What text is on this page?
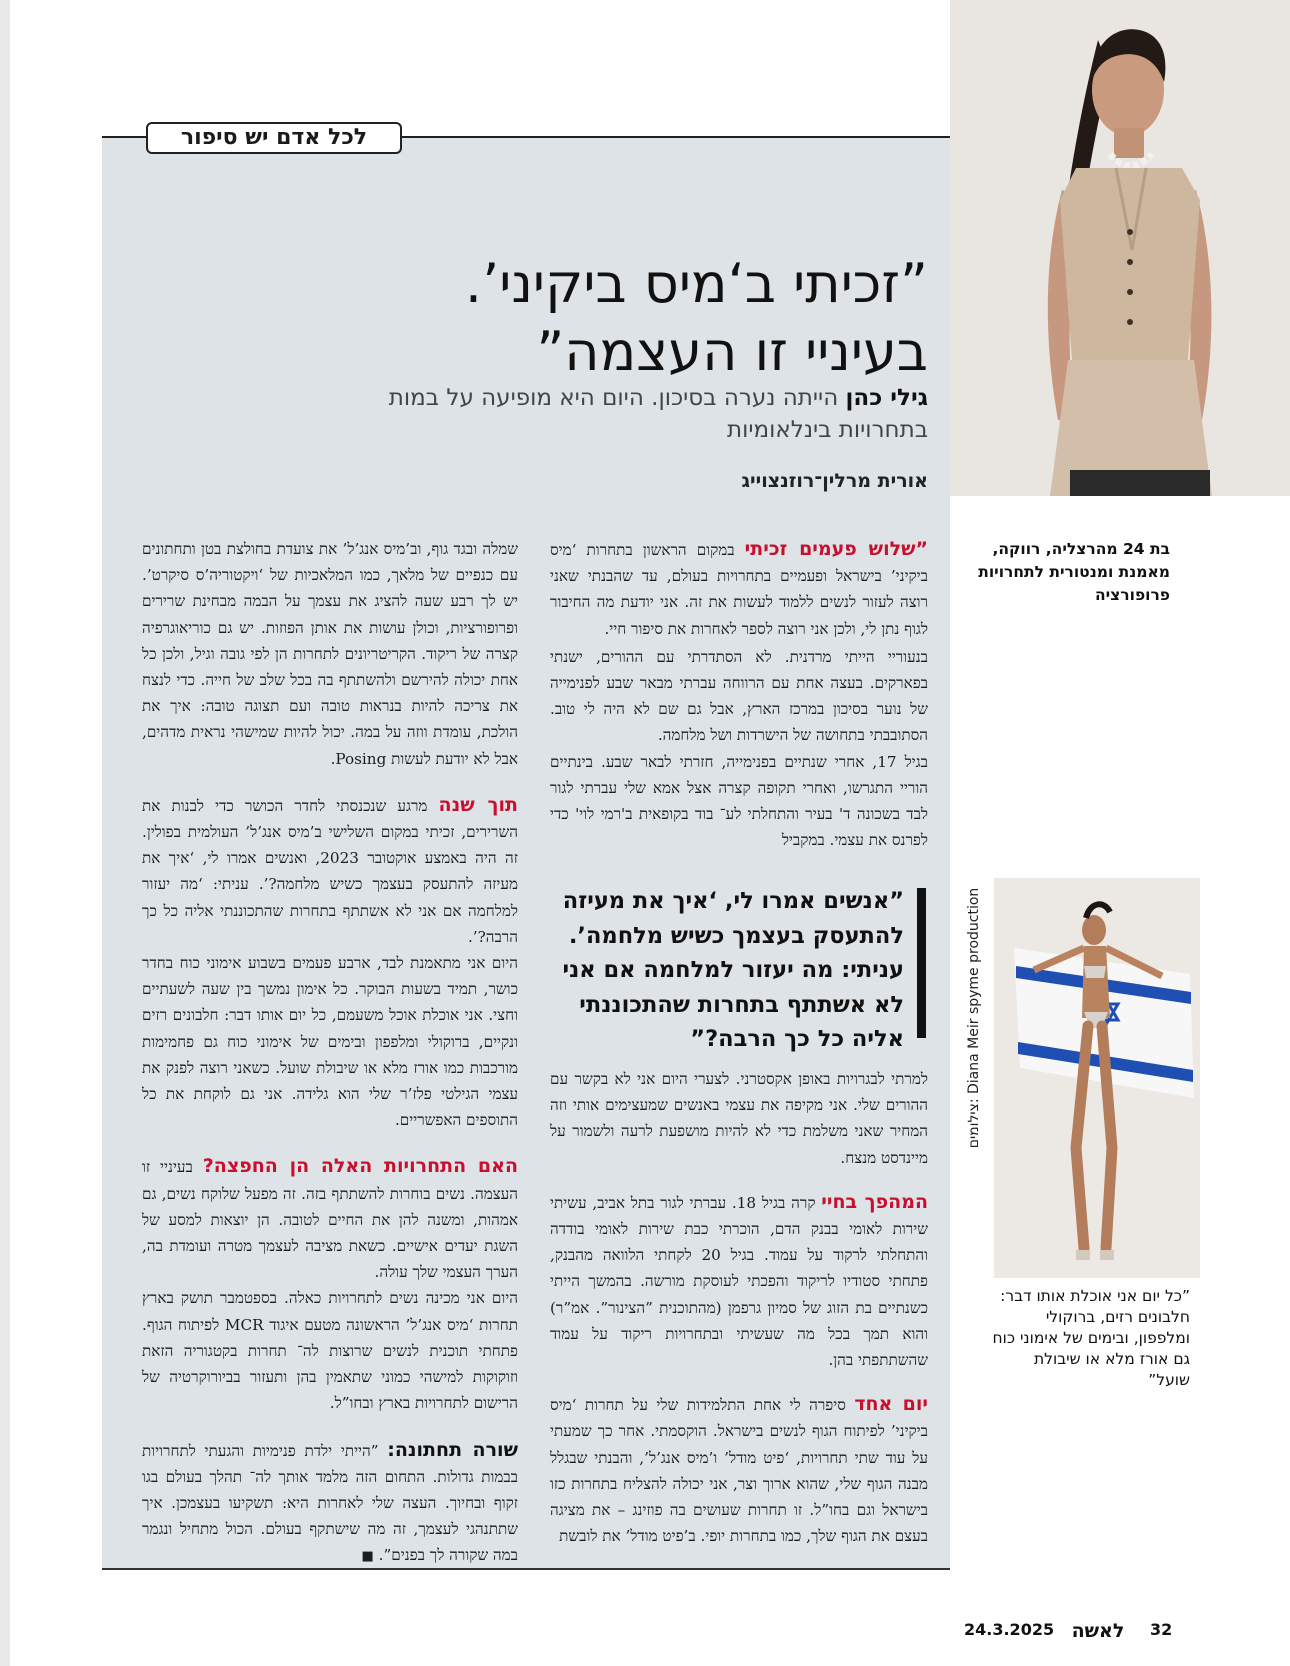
לכל אדם יש סיפור
”זכיתי ב‘מיס ביקיני’.
בעיניי זו העצמה”

גילי כהן הייתה נערה בסיכון. היום היא מופיעה על במות בתחרויות בינלאומיות

אורית מרלין־רוזנצוייג

”שלוש פעמים זכיתי במקום הראשון בתחרות ‘מיס ביקיני’ בישראל ופעמיים בתחרויות בעולם, עד שהבנתי שאני רוצה לעזור לנשים ללמוד לעשות את זה. אני יודעת מה החיבור לגוף נתן לי, ולכן אני רוצה לספר לאחרות את סיפור חיי.

בנעוריי הייתי מרדנית. לא הסתדרתי עם ההורים, ישנתי בפארקים. בעצה אחת עם הרווחה עברתי מבאר שבע לפנימייה של נוער בסיכון במרכז הארץ, אבל גם שם לא היה לי טוב. הסתובבתי בתחושה של הישרדות ושל מלחמה.

בגיל 17, אחרי שנתיים בפנימייה, חזרתי לבאר שבע. בינתיים הוריי התגרשו, ואחרי תקופה קצרה אצל אמא שלי עברתי לגור לבד בשכונה ד' בעיר והתחלתי לע־ בוד בקופאית ב'רמי לוי' כדי לפרנס את עצמי. במקביל

”אנשים אמרו לי, ‘איך את מעיזה להתעסק בעצמך כשיש מלחמה’. עניתי: מה יעזור למלחמה אם אני לא אשתתף בתחרות שהתכוננתי אליה כל כך הרבה?”

למרתי לבגרויות באופן אקסטרני. לצערי היום אני לא בקשר עם ההורים שלי. אני מקיפה את עצמי באנשים שמעצימים אותי וזה המחיר שאני משלמת כדי לא להיות מושפעת לרעה ולשמור על מיינדסט מנצח.

המהפך בחיי קרה בגיל 18. עברתי לגור בתל אביב, עשיתי שירות לאומי בבנק הדם, הוכרתי כבת שירות לאומי בודדה והתחלתי לרקוד על עמוד. בגיל 20 לקחתי הלוואה מהבנק, פתחתי סטודיו לריקוד והפכתי לעוסקת מורשה. בהמשך הייתי כשנתיים בת הזוג של סמיון גרפמן (מהתוכנית ”הצינור”. אמ”ר) והוא תמך בכל מה שעשיתי ובתחרויות ריקוד על עמוד שהשתתפתי בהן.

יום אחד סיפרה לי אחת התלמידות שלי על תחרות ‘מיס ביקיני’ לפיתוח הגוף לנשים בישראל. הוקסמתי. אחר כך שמעתי על עוד שתי תחרויות, ‘פיט מודל’ ו’מיס אנג’ל’, והבנתי שבגלל מבנה הגוף שלי, שהוא ארוך וצר, אני יכולה להצליח בתחרות כזו בישראל וגם בחו”ל. זו תחרות שעושים בה פוזינג – את מציגה בעצם את הגוף שלך, כמו בתחרות יופי. ב’פיט מודל’ את לובשת

שמלה ובגד גוף, וב’מיס אנג’ל’ את צועדת בחולצת בטן ותחתונים עם כנפיים של מלאך, כמו המלאכיות של ‘ויקטוריה’ס סיקרט’. יש לך רבע שעה להציג את עצמך על הבמה מבחינת שרירים ופרופורציות, וכולן עושות את אותן הפוזות. יש גם כוריאוגרפיה קצרה של ריקוד. הקריטריונים לתחרות הן לפי גובה וגיל, ולכן כל אחת יכולה להירשם ולהשתתף בה בכל שלב של חייה. כדי לנצח את צריכה להיות בנראות טובה ועם תצוגה טובה: איך את הולכת, עומדת ווזה על במה. יכול להיות שמישהי נראית מדהים, אבל לא יודעת לעשות Posing.

תוך שנה מרגע שנכנסתי לחדר הכושר כדי לבנות את השרירים, זכיתי במקום השלישי ב’מיס אנג’ל’ העולמית בפולין. זה היה באמצע אוקטובר 2023, ואנשים אמרו לי, ‘איך את מעיזה להתעסק בעצמך כשיש מלחמה?’. עניתי: ‘מה יעזור למלחמה אם אני לא אשתתף בתחרות שהתכוננתי אליה כל כך הרבה?’.

היום אני מתאמנת לבד, ארבע פעמים בשבוע אימוני כוח בחדר כושר, תמיד בשעות הבוקר. כל אימון נמשך בין שעה לשעתיים וחצי. אני אוכלת אוכל משעמם, כל יום אותו דבר: חלבונים רזים ונקיים, ברוקולי ומלפפון ובימים של אימוני כוח גם פחמימות מורכבות כמו אורז מלא או שיבולת שועל. כשאני רוצה לפנק את עצמי הגילטי פלז’ר שלי הוא גלידה. אני גם לוקחת את כל התוספים האפשריים.

האם התחרויות האלה הן החפצה? בעיניי זו העצמה. נשים בוחרות להשתתף בזה. זה מפעל שלוקח נשים, גם אמהות, ומשנה להן את החיים לטובה. הן יוצאות למסע של השגת יעדים אישיים. כשאת מציבה לעצמך מטרה ועומדת בה, הערך העצמי שלך עולה.

היום אני מכינה נשים לתחרויות כאלה. בספטמבר תושק בארץ תחרות ‘מיס אנג’ל’ הראשונה מטעם איגוד MCR לפיתוח הגוף. פתחתי תוכנית לנשים שרוצות לה־ תחרות בקטגוריה הזאת וזוקוקות למישהי כמוני שתאמין בהן ותעזור בביורוקרטיה של הרישום לתחרויות בארץ ובחו”ל.

שורה תחתונה: ”הייתי ילדת פנימיות והגעתי לתחרויות בבמות גדולות. התחום הזה מלמד אותך לה־ תהלך בעולם בגו זקוף ובחיוך. העצה שלי לאחרות היא: תשקיעו בעצמכן. איך שתתנהגי לעצמך, זה מה שישתקף בעולם. הכול מתחיל ונגמר במה שקורה לך בפנים”. ■

בת 24 מהרצליה, רווקה, מאמנת ומנטורית לתחרויות פרופורציה
צילומים: Diana Meir spyme production
”כל יום אני אוכלת אותו דבר: חלבונים רזים, ברוקולי ומלפפון, ובימים של אימוני כוח גם אורז מלא או שיבולת שועל”
24.3.2025 לאשה 32
